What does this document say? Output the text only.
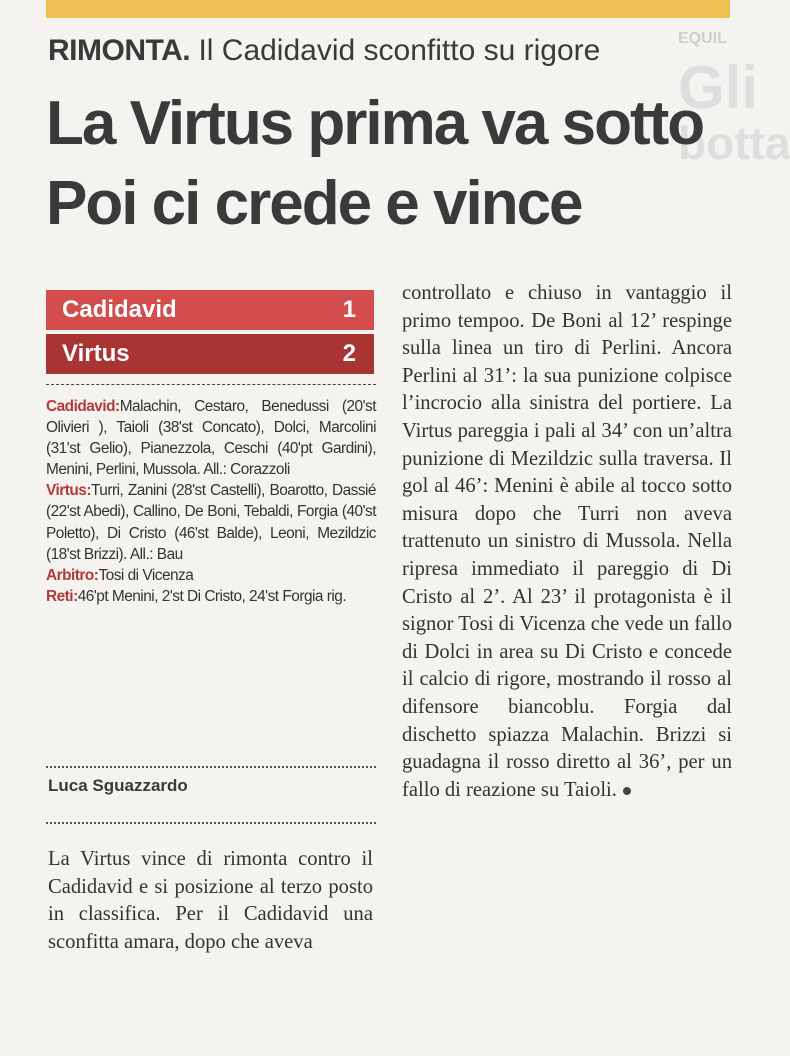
EQUIL
Gli
botta
RIMONTA. Il Cadidavid sconfitto su rigore
La Virtus prima va sotto
Poi ci crede e vince
Cadidavid	1
Virtus	2

Cadidavid:Malachin, Cestaro, Benedussi (20'st Olivieri ), Taioli (38'st Concato), Dolci, Marcolini (31'st Gelio), Pianezzola, Ceschi (40'pt Gardini), Menini, Perlini, Mussola. All.: Corazzoli

Virtus:Turri, Zanini (28'st Castelli), Boarotto, Dassié (22'st Abedi), Callino, De Boni, Tebaldi, Forgia (40'st Poletto), Di Cristo (46'st Balde), Leoni, Mezildzic (18'st Brizzi). All.: Bau

Arbitro:Tosi di Vicenza

Reti:46'pt Menini, 2'st Di Cristo, 24'st Forgia rig.

Luca Sguazzardo

La Virtus vince di rimonta contro il Cadidavid e si posizione al terzo posto in classifica. Per il Cadidavid una sconfitta amara, dopo che aveva

controllato e chiuso in vantaggio il primo tempoo. De Boni al 12’ respinge sulla linea un tiro di Perlini. Ancora Perlini al 31’: la sua punizione colpisce l’incrocio alla sinistra del portiere. La Virtus pareggia i pali al 34’ con un’altra punizione di Mezildzic sulla traversa. Il gol al 46’: Menini è abile al tocco sotto misura dopo che Turri non aveva trattenuto un sinistro di Mussola. Nella ripresa immediato il pareggio di Di Cristo al 2’. Al 23’ il protagonista è il signor Tosi di Vicenza che vede un fallo di Dolci in area su Di Cristo e concede il calcio di rigore, mostrando il rosso al difensore biancoblu. Forgia dal dischetto spiazza Malachin. Brizzi si guadagna il rosso diretto al 36’, per un fallo di reazione su Taioli.
